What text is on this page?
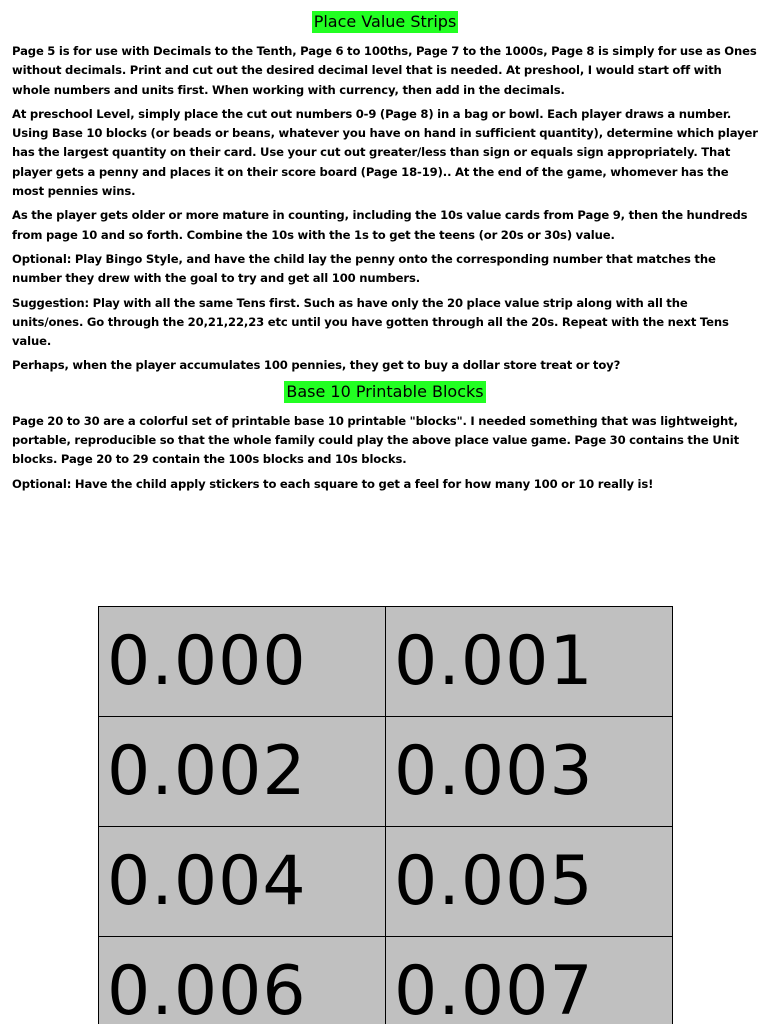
Place Value Strips

Page 5 is for use with Decimals to the Tenth, Page 6 to 100ths, Page 7 to the 1000s, Page 8 is simply for use as Ones without decimals. Print and cut out the desired decimal level that is needed. At preshool, I would start off with whole numbers and units first. When working with currency, then add in the decimals.

At preschool Level, simply place the cut out numbers 0-9 (Page 8) in a bag or bowl. Each player draws a number. Using Base 10 blocks (or beads or beans, whatever you have on hand in sufficient quantity), determine which player has the largest quantity on their card. Use your cut out greater/less than sign or equals sign appropriately. That player gets a penny and places it on their score board (Page 18-19).. At the end of the game, whomever has the most pennies wins.

As the player gets older or more mature in counting, including the 10s value cards from Page 9, then the hundreds from page 10 and so forth. Combine the 10s with the 1s to get the teens (or 20s or 30s) value.

Optional: Play Bingo Style, and have the child lay the penny onto the corresponding number that matches the number they drew with the goal to try and get all 100 numbers.

Suggestion: Play with all the same Tens first. Such as have only the 20 place value strip along with all the units/ones. Go through the 20,21,22,23 etc until you have gotten through all the 20s. Repeat with the next Tens value.

Perhaps, when the player accumulates 100 pennies, they get to buy a dollar store treat or toy?

Base 10 Printable Blocks

Page 20 to 30 are a colorful set of printable base 10 printable "blocks". I needed something that was lightweight, portable, reproducible so that the whole family could play the above place value game. Page 30 contains the Unit blocks. Page 20 to 29 contain the 100s blocks and 10s blocks.

Optional: Have the child apply stickers to each square to get a feel for how many 100 or 10 really is!

0.000	0.001

0.002	0.003

0.004	0.005

0.006	0.007
